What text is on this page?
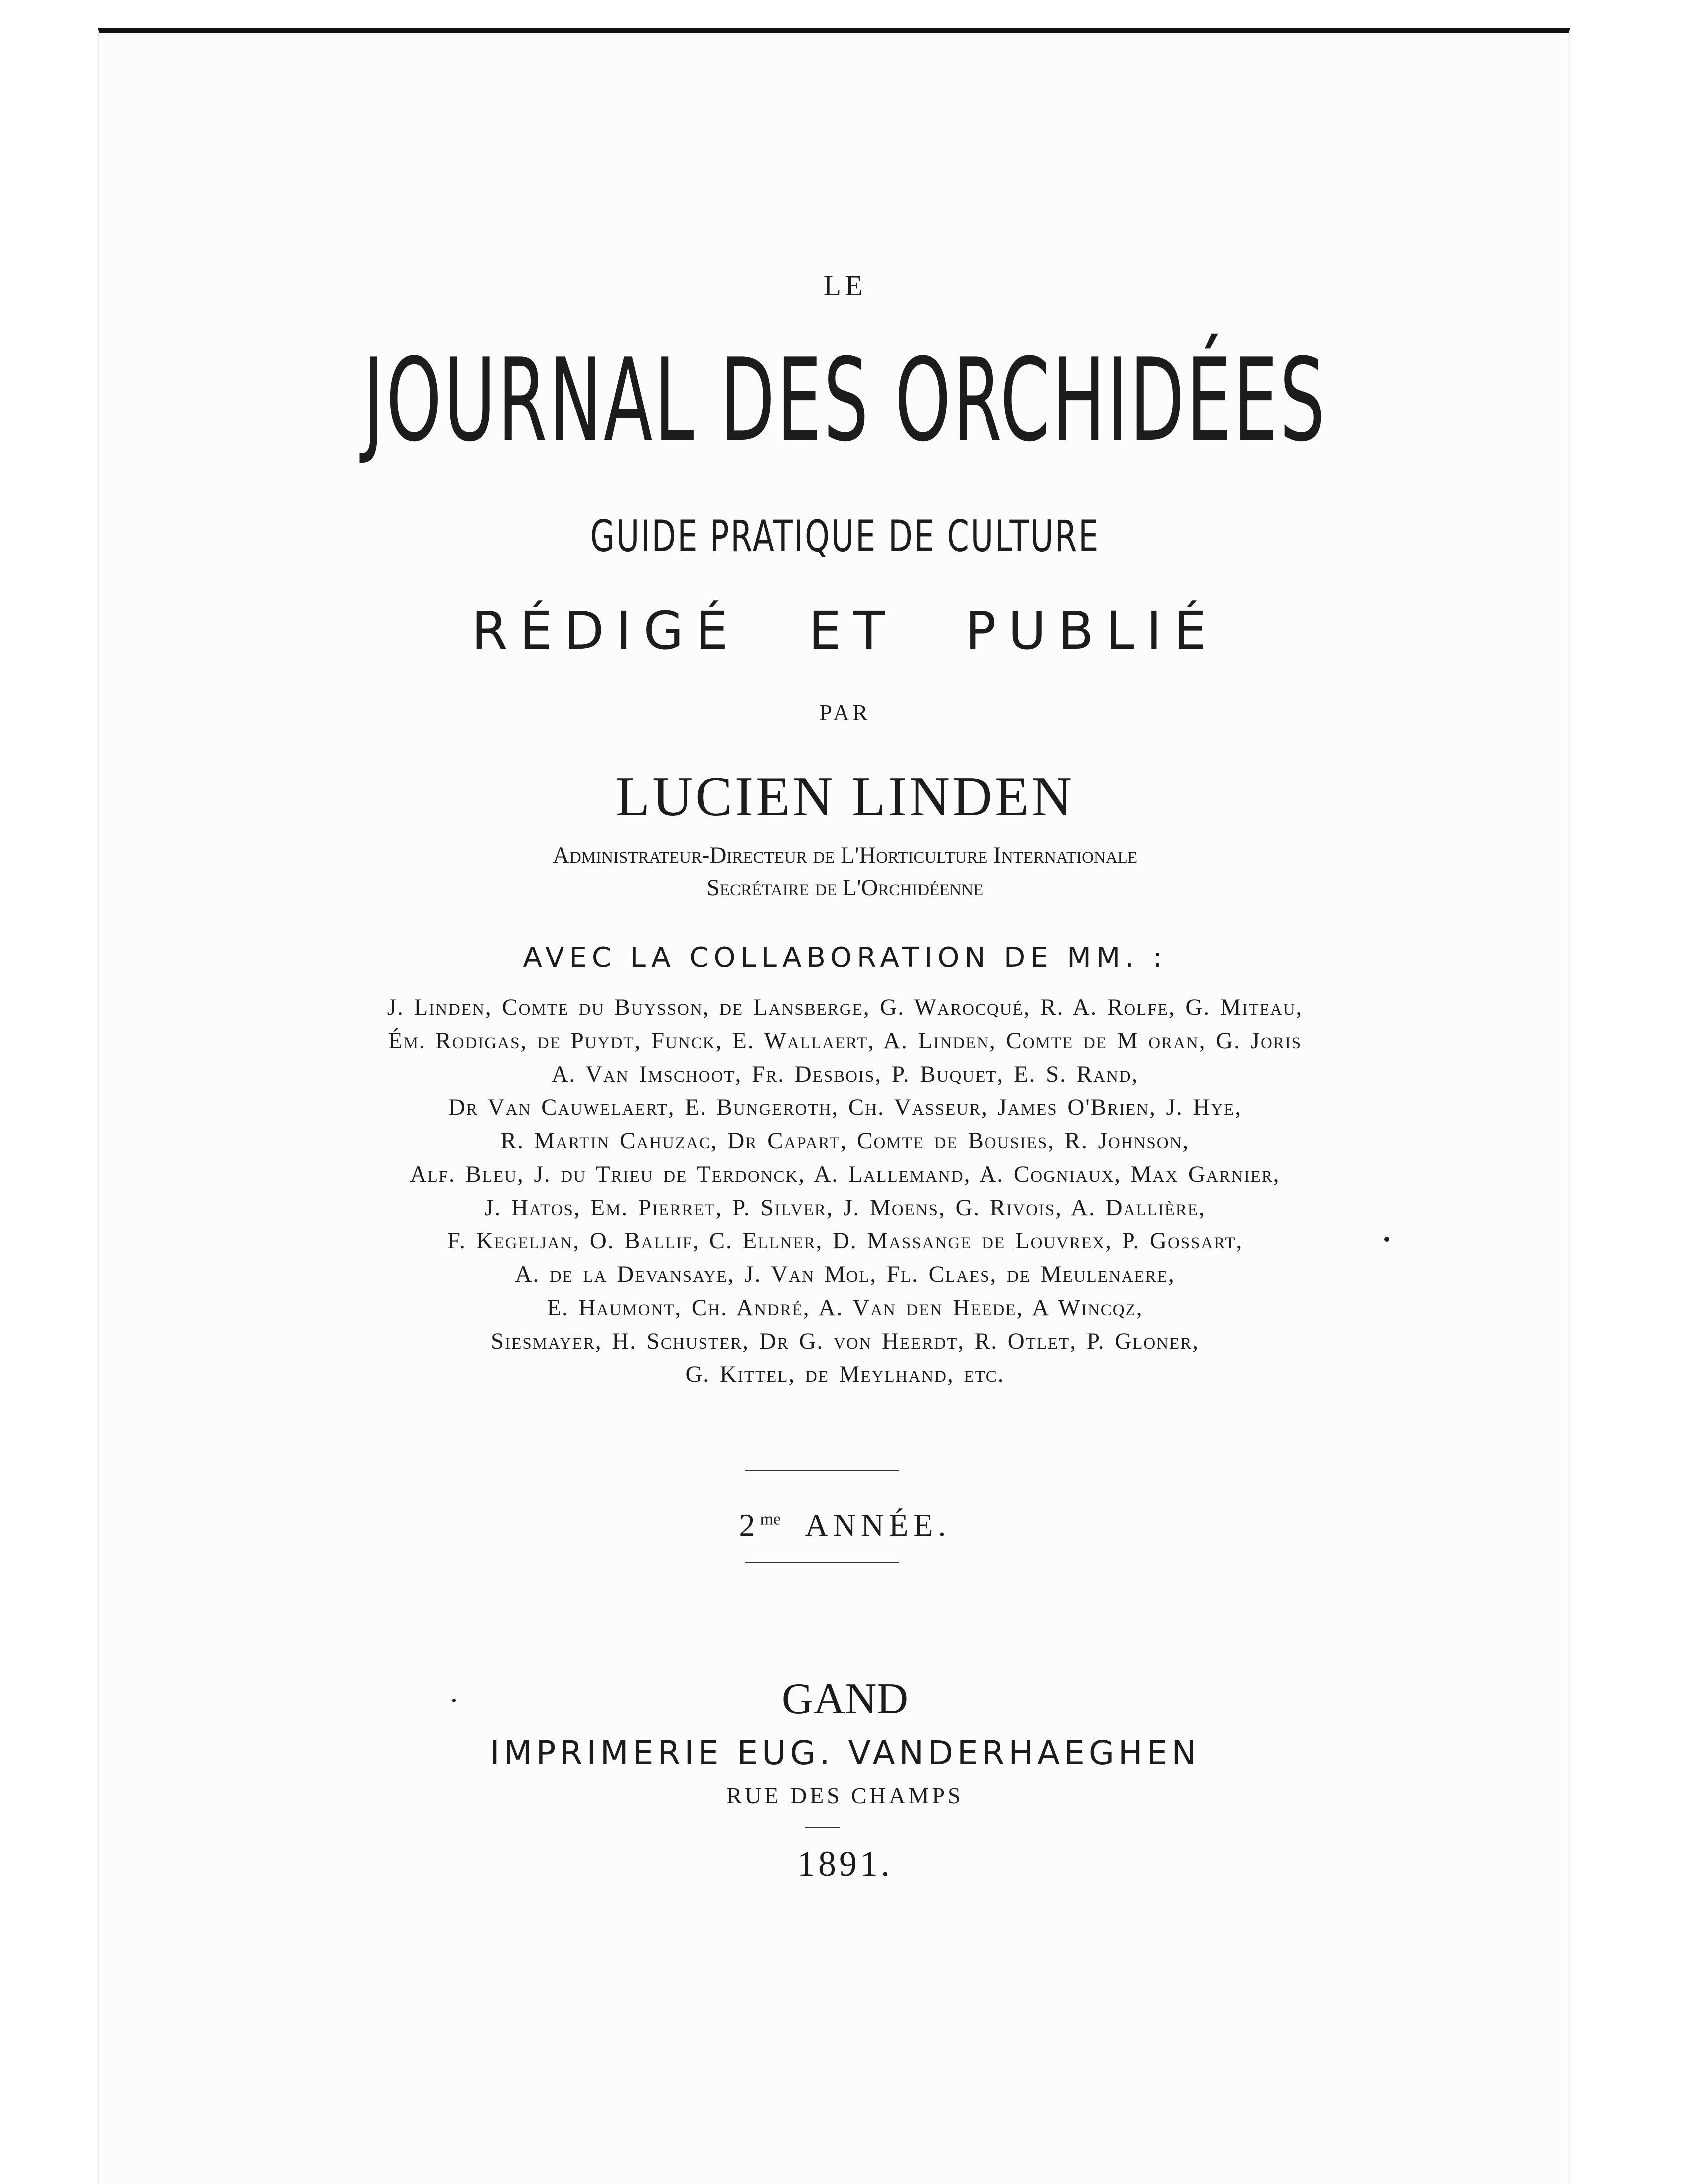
LE
JOURNAL DES ORCHIDÉES
GUIDE PRATIQUE DE CULTURE
RÉDIGÉ ET PUBLIÉ
PAR
LUCIEN LINDEN
Administrateur-Directeur de L'Horticulture Internationale
Secrétaire de L'Orchidéenne
AVEC LA COLLABORATION DE MM. :
J. Linden, Comte du Buysson, de Lansberge, G. Warocqué, R. A. Rolfe, G. Miteau,
Ém. Rodigas, de Puydt, Funck, E. Wallaert, A. Linden, Comte de M oran, G. Joris
A. Van Imschoot, Fr. Desbois, P. Buquet, E. S. Rand,
Dr Van Cauwelaert, E. Bungeroth, Ch. Vasseur, James O'Brien, J. Hye,
R. Martin Cahuzac, Dr Capart, Comte de Bousies, R. Johnson,
Alf. Bleu, J. du Trieu de Terdonck, A. Lallemand, A. Cogniaux, Max Garnier,
J. Hatos, Em. Pierret, P. Silver, J. Moens, G. Rivois, A. Dallière,
F. Kegeljan, O. Ballif, C. Ellner, D. Massange de Louvrex, P. Gossart,
A. de la Devansaye, J. Van Mol, Fl. Claes, de Meulenaere,
E. Haumont, Ch. André, A. Van den Heede, A Wincqz,
Siesmayer, H. Schuster, Dr G. von Heerdt, R. Otlet, P. Gloner,
G. Kittel, de Meylhand, etc.
$2^{me}$ ANNÉE.
GAND
IMPRIMERIE EUG. VANDERHAEGHEN
RUE DES CHAMPS
1891.
